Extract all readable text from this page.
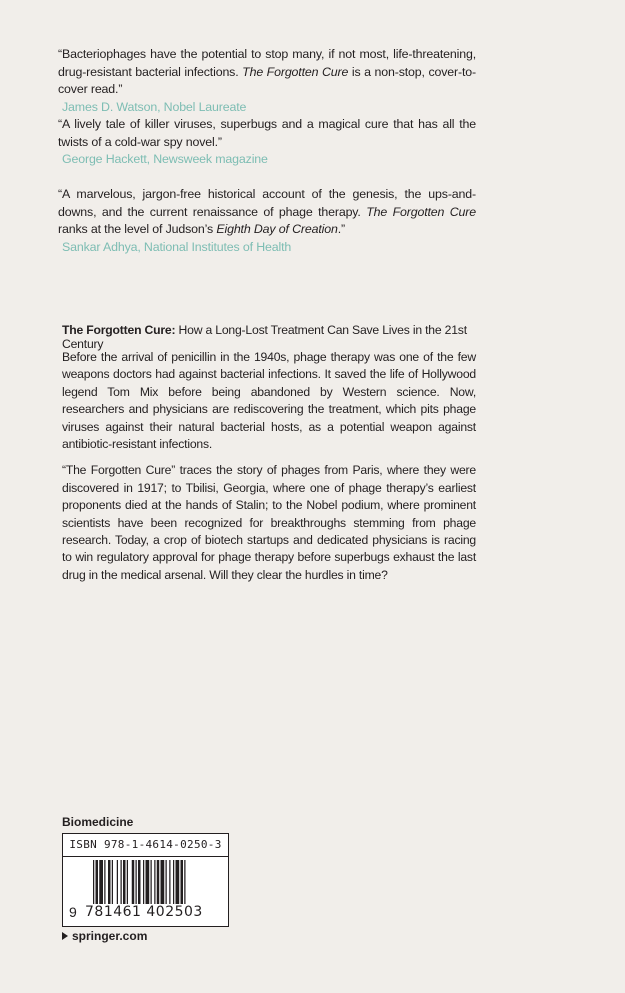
“Bacteriophages have the potential to stop many, if not most, life-threatening, drug-resistant bacterial infections. The Forgotten Cure is a non-stop, cover-to-cover read.”
James D. Watson, Nobel Laureate
“A lively tale of killer viruses, superbugs and a magical cure that has all the twists of a cold-war spy novel.”
George Hackett, Newsweek magazine
“A marvelous, jargon-free historical account of the genesis, the ups-and-downs, and the current renaissance of phage therapy. The Forgotten Cure ranks at the level of Judson’s Eighth Day of Creation.”
Sankar Adhya, National Institutes of Health
The Forgotten Cure: How a Long-Lost Treatment Can Save Lives in the 21st Century

Before the arrival of penicillin in the 1940s, phage therapy was one of the few weapons doctors had against bacterial infections. It saved the life of Hollywood legend Tom Mix before being abandoned by Western science. Now, researchers and physicians are rediscovering the treatment, which pits phage viruses against their natural bacterial hosts, as a potential weapon against antibiotic-resistant infections.

“The Forgotten Cure” traces the story of phages from Paris, where they were discovered in 1917; to Tbilisi, Georgia, where one of phage therapy’s earliest proponents died at the hands of Stalin; to the Nobel podium, where prominent scientists have been recognized for breakthroughs stemming from phage research. Today, a crop of biotech startups and dedicated physicians is racing to win regulatory approval for phage therapy before superbugs exhaust the last drug in the medical arsenal. Will they clear the hurdles in time?

Biomedicine
ISBN 978-1-4614-0250-3
9 781461 402503
springer.com
